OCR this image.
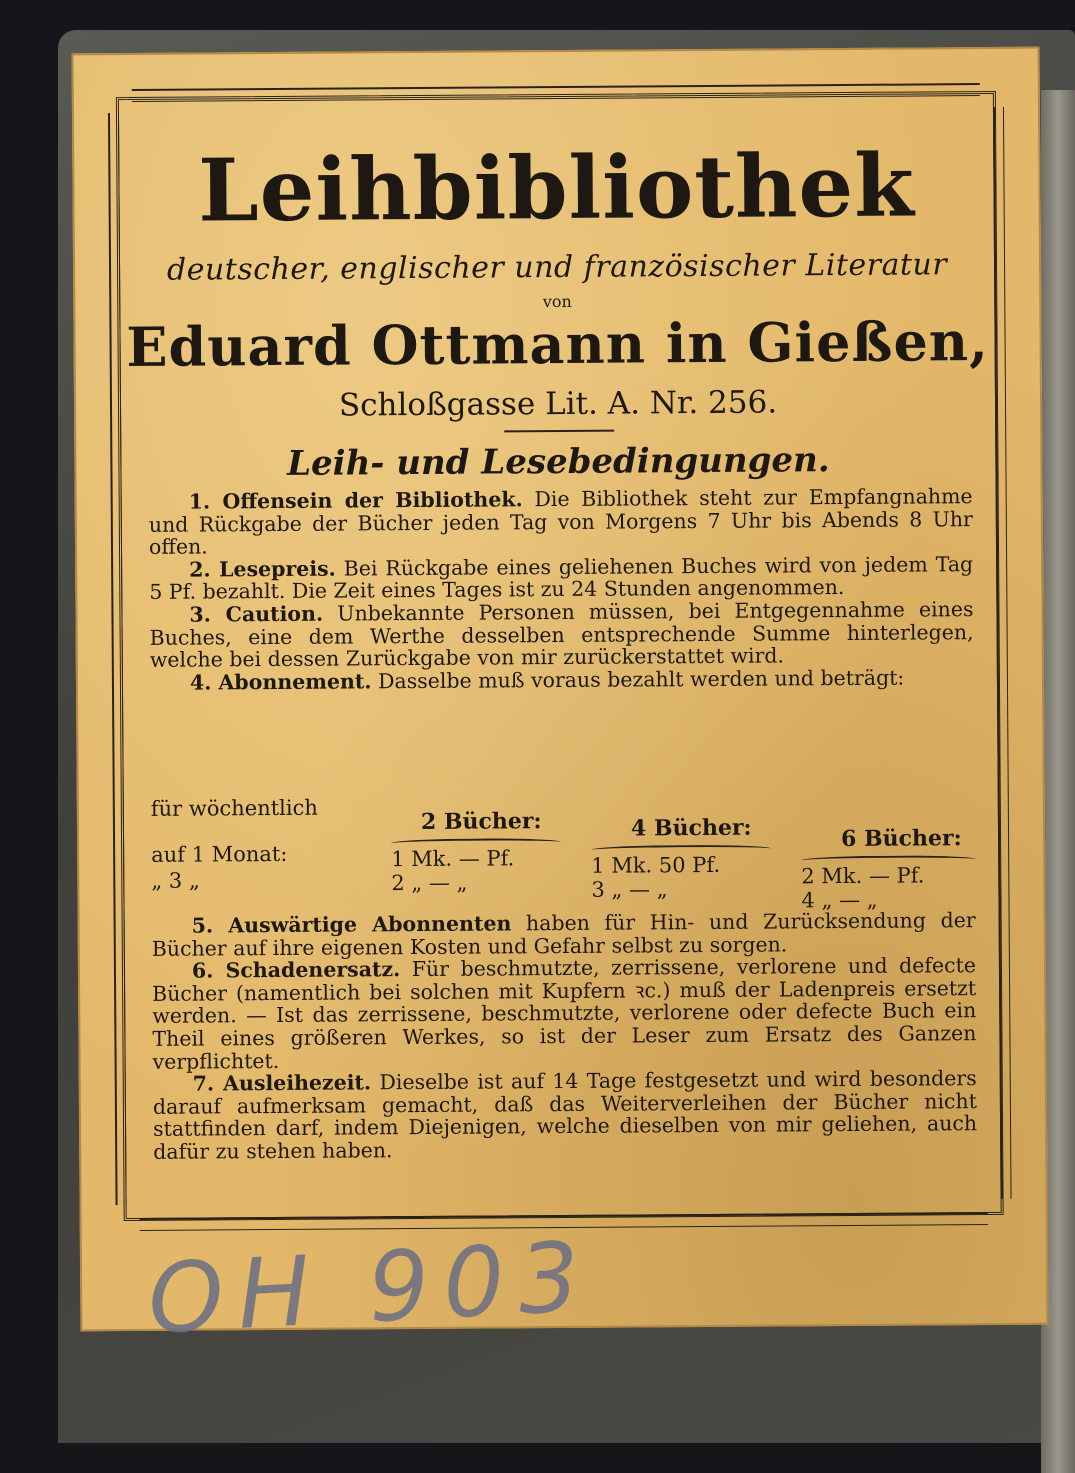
Leihbibliothek
deutscher, englischer und französischer Literatur
von
Eduard Ottmann in Gießen,
Schloßgasse Lit. A. Nr. 256.
Leih- und Lesebedingungen.

1. Offensein der Bibliothek. Die Bibliothek steht zur Empfangnahme und Rückgabe der Bücher jeden Tag von Morgens 7 Uhr bis Abends 8 Uhr offen.

2. Lesepreis. Bei Rückgabe eines geliehenen Buches wird von jedem Tag 5 Pf. bezahlt. Die Zeit eines Tages ist zu 24 Stunden angenommen.

3. Caution. Unbekannte Personen müssen, bei Entgegennahme eines Buches, eine dem Werthe desselben entsprechende Summe hinterlegen, welche bei dessen Zurückgabe von mir zurückerstattet wird.

4. Abonnement. Dasselbe muß voraus bezahlt werden und beträgt:

für wöchentlich
auf 1 Monat:
„ 3 „
2 Bücher:
1 Mk. — Pf.
2 „ — „
4 Bücher:
1 Mk. 50 Pf.
3 „ — „
6 Bücher:
2 Mk. — Pf.
4 „ — „

5. Auswärtige Abonnenten haben für Hin- und Zurücksendung der Bücher auf ihre eigenen Kosten und Gefahr selbst zu sorgen.

6. Schadenersatz. Für beschmutzte, zerrissene, verlorene und defecte Bücher (namentlich bei solchen mit Kupfern ꝛc.) muß der Ladenpreis ersetzt werden. — Ist das zerrissene, beschmutzte, verlorene oder defecte Buch ein Theil eines größeren Werkes, so ist der Leser zum Ersatz des Ganzen verpflichtet.

7. Ausleihezeit. Dieselbe ist auf 14 Tage festgesetzt und wird besonders darauf aufmerksam gemacht, daß das Weiterverleihen der Bücher nicht stattfinden darf, indem Diejenigen, welche dieselben von mir geliehen, auch dafür zu stehen haben.

OH 903
